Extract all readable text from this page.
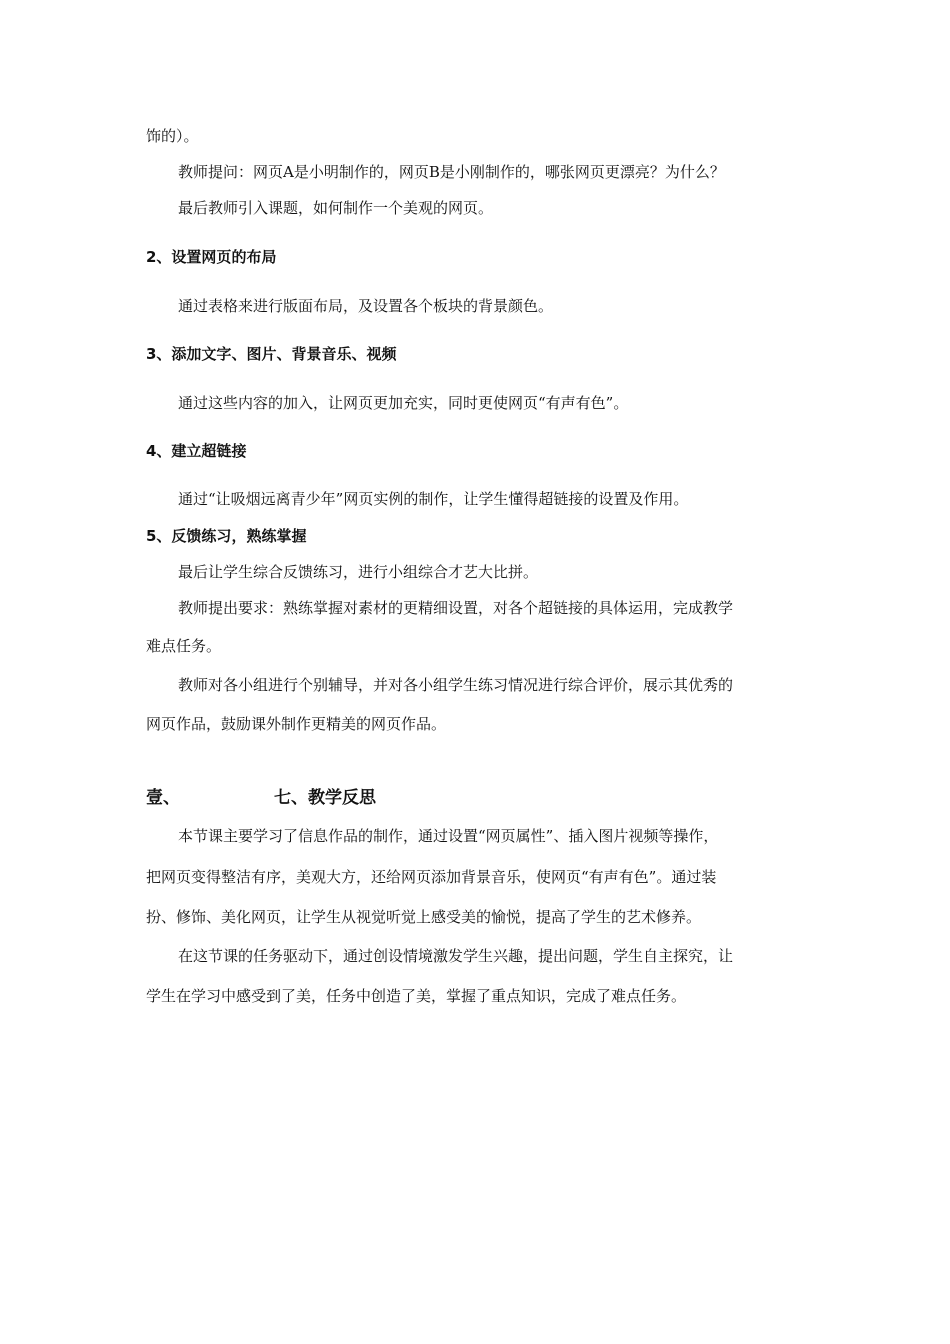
饰的）。

教师提问：网页A是小明制作的，网页B是小刚制作的，哪张网页更漂亮？为什么？

最后教师引入课题，如何制作一个美观的网页。

2、设置网页的布局

通过表格来进行版面布局，及设置各个板块的背景颜色。

3、添加文字、图片、背景音乐、视频

通过这些内容的加入，让网页更加充实，同时更使网页“有声有色”。

4、建立超链接

通过“让吸烟远离青少年”网页实例的制作，让学生懂得超链接的设置及作用。

5、反馈练习，熟练掌握

最后让学生综合反馈练习，进行小组综合才艺大比拼。

教师提出要求：熟练掌握对素材的更精细设置，对各个超链接的具体运用，完成教学

难点任务。

教师对各小组进行个别辅导，并对各小组学生练习情况进行综合评价，展示其优秀的

网页作品，鼓励课外制作更精美的网页作品。

壹、	七、教学反思

本节课主要学习了信息作品的制作，通过设置“网页属性”、插入图片视频等操作，

把网页变得整洁有序，美观大方，还给网页添加背景音乐，使网页“有声有色”。通过装

扮、修饰、美化网页，让学生从视觉听觉上感受美的愉悦，提高了学生的艺术修养。

在这节课的任务驱动下，通过创设情境激发学生兴趣，提出问题，学生自主探究，让

学生在学习中感受到了美，任务中创造了美，掌握了重点知识，完成了难点任务。
